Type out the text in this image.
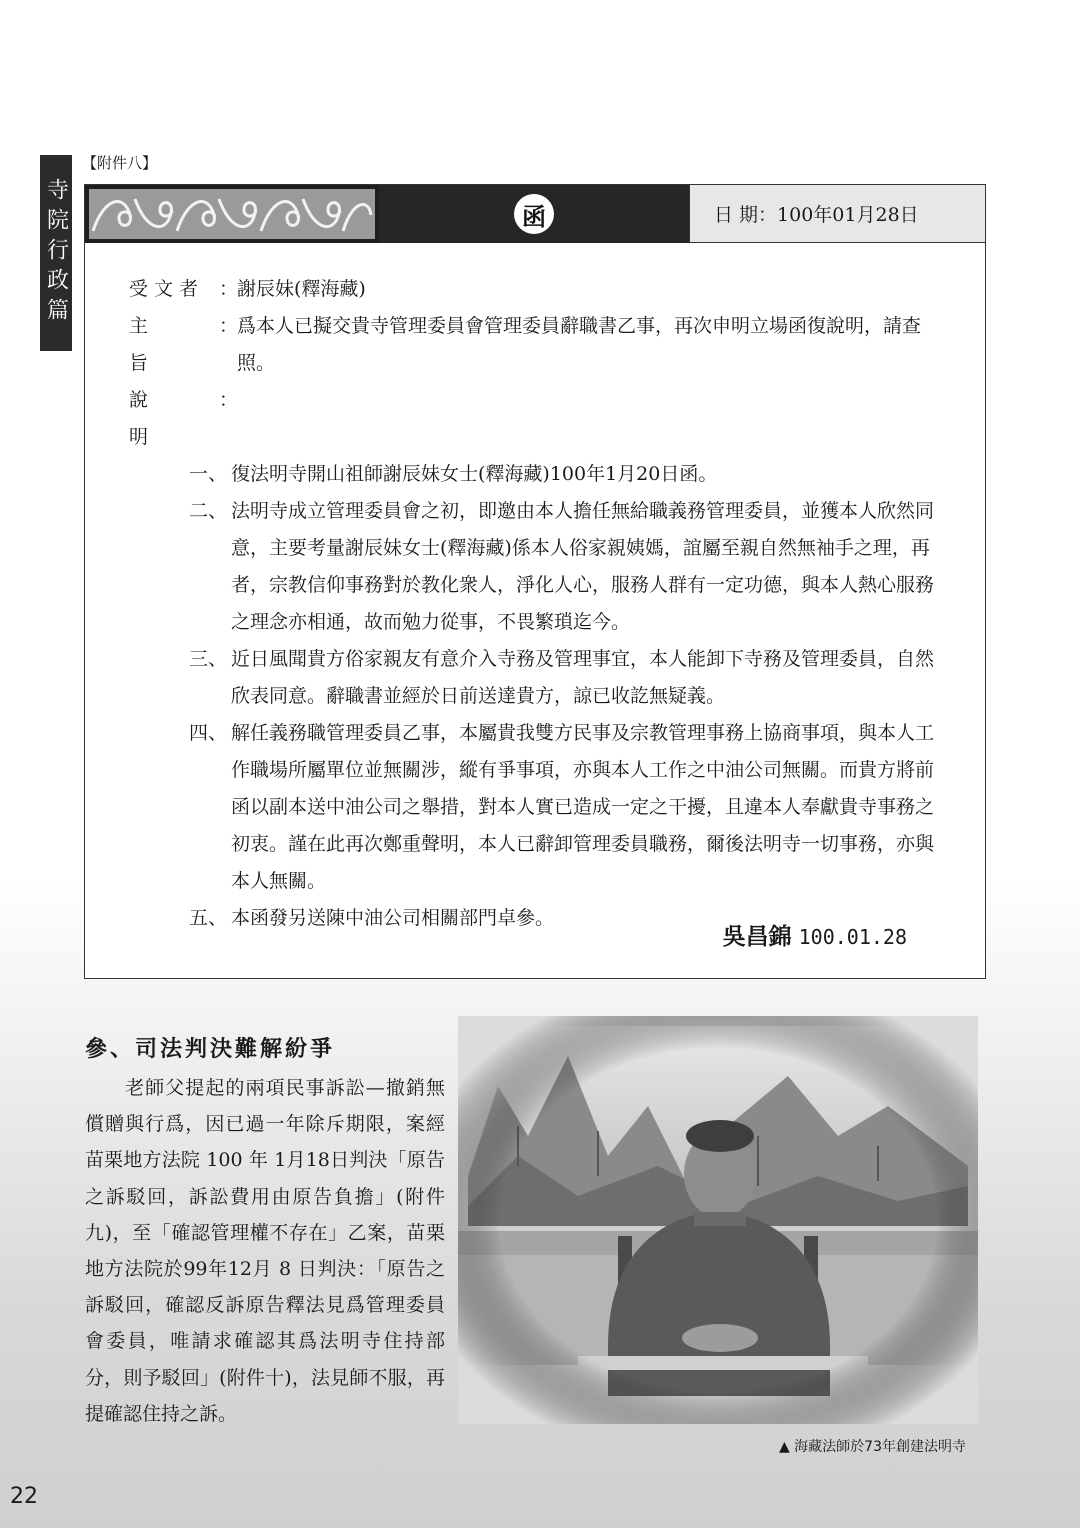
寺院行政篇
【附件八】
函	日 期：100年01月28日
受文者 ：
謝辰妹(釋海藏)
主旨
：
爲本人已擬交貴寺管理委員會管理委員辭職書乙事，再次申明立場函復說明，請查照。
說明
：
一、 復法明寺開山祖師謝辰妹女士(釋海藏)100年1月20日函。
二、 法明寺成立管理委員會之初，即邀由本人擔任無給職義務管理委員，並獲本人欣然同意，主要考量謝辰妹女士(釋海藏)係本人俗家親姨媽，誼屬至親自然無袖手之理，再者，宗教信仰事務對於教化衆人，淨化人心，服務人群有一定功德，與本人熱心服務之理念亦相通，故而勉力從事，不畏繁瑣迄今。
三、 近日風聞貴方俗家親友有意介入寺務及管理事宜，本人能卸下寺務及管理委員，自然欣表同意。辭職書並經於日前送達貴方，諒已收訖無疑義。
四、 解任義務職管理委員乙事，本屬貴我雙方民事及宗教管理事務上協商事項，與本人工作職場所屬單位並無關涉，縱有爭事項，亦與本人工作之中油公司無關。而貴方將前函以副本送中油公司之舉措，對本人實已造成一定之干擾，且違本人奉獻貴寺事務之初衷。謹在此再次鄭重聲明，本人已辭卸管理委員職務，爾後法明寺一切事務，亦與本人無關。
五、 本函發另送陳中油公司相關部門卓參。
吳昌錦 100.01.28
參、司法判決難解紛爭
　　老師父提起的兩項民事訴訟—撤銷無償贈與行爲，因已過一年除斥期限，案經苗栗地方法院 100 年 1月18日判決「原告之訴駁回，訴訟費用由原告負擔」(附件九)，至「確認管理權不存在」乙案，苗栗地方法院於99年12月 8 日判決：「原告之訴駁回，確認反訴原告釋法見爲管理委員會委員，唯請求確認其爲法明寺住持部分，則予駁回」(附件十)，法見師不服，再提確認住持之訴。
▲ 海藏法師於73年創建法明寺
22
